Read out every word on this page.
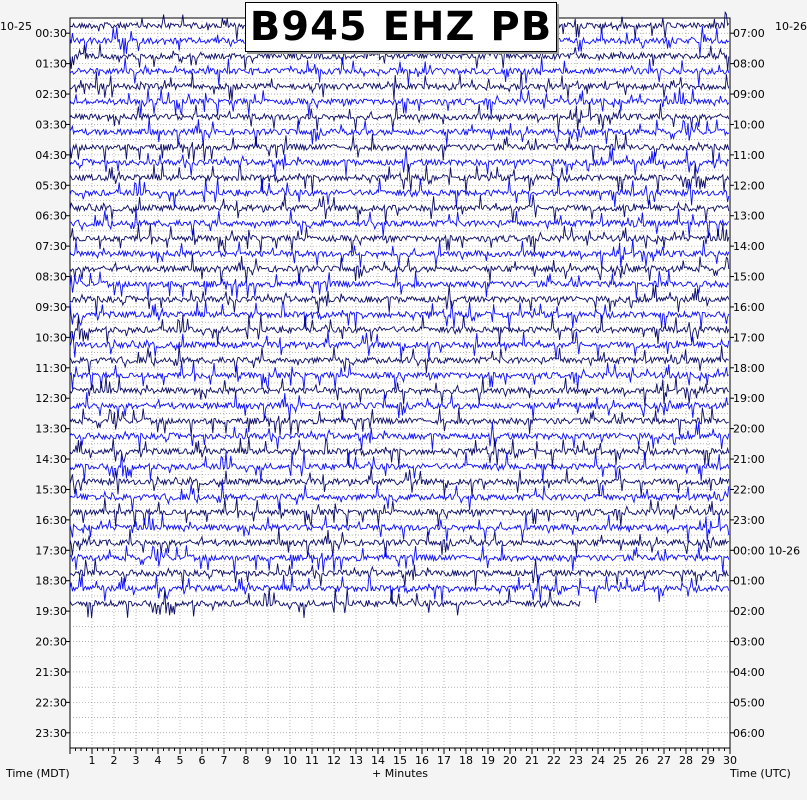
1 2 3 4 5 6 7 8 9 10 11 12 13 14 15 16 17 18 19 20 21 22 23 24 25 26 27 28 29 30
00:30
01:30
02:30
03:30
04:30
05:30
06:30
07:30
08:30
09:30
10:30
11:30
12:30
13:30
14:30
15:30
16:30
17:30
18:30
19:30
20:30
21:30
22:30
23:30
07:00
08:00
09:00
10:00
11:00
12:00
13:00
14:00
15:00
16:00
17:00
18:00
19:00
20:00
21:00
22:00
23:00
00:00 10-26
01:00
02:00
03:00
04:00
05:00
06:00
B945 EHZ PB
10-25	10-26
Time (MDT)	+ Minutes	Time (UTC)
